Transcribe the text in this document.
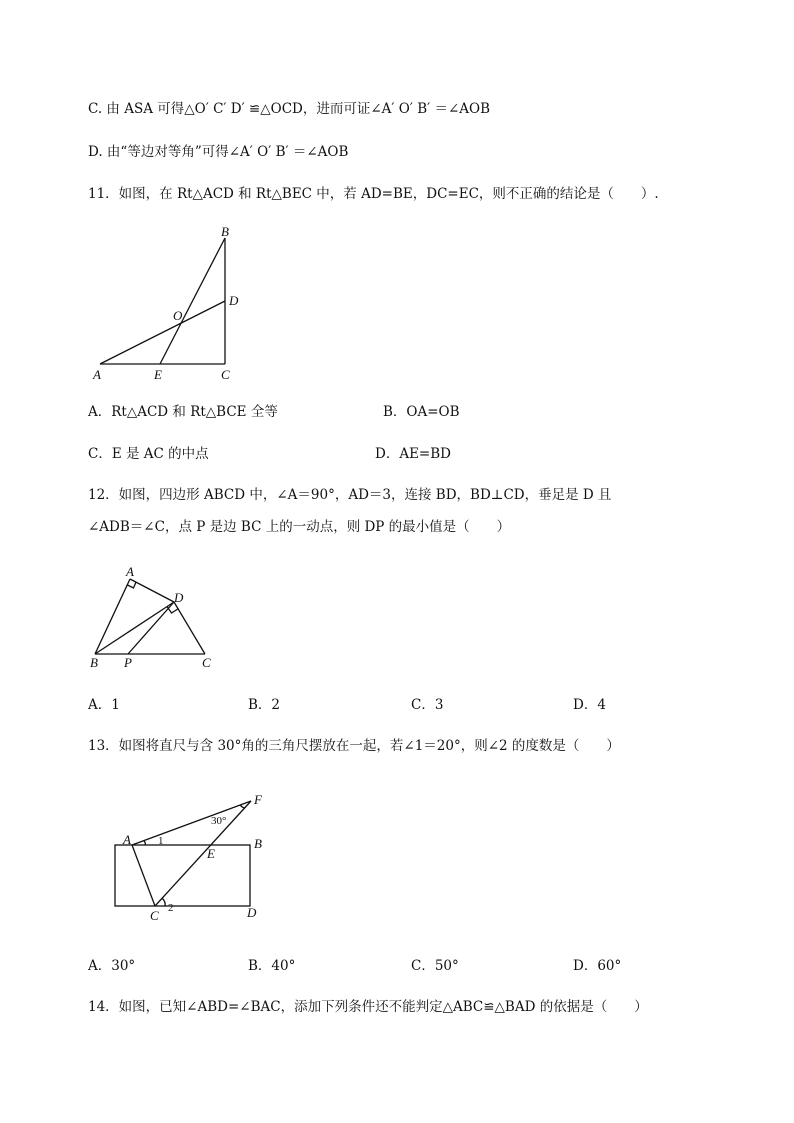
C. 由 ASA 可得△O′ C′ D′ ≌△OCD，进而可证∠A′ O′ B′ ＝∠AOB
D. 由“等边对等角”可得∠A′ O′ B′ ＝∠AOB
11．如图，在 Rt△ACD 和 Rt△BEC 中，若 AD=BE，DC=EC，则不正确的结论是（　　）.
B
D
O
A	E	C
A．Rt△ACD 和 Rt△BCE 全等	B．OA=OB
C．E 是 AC 的中点	D．AE=BD
12．如图，四边形 ABCD 中，∠A＝90°，AD＝3，连接 BD，BD⊥CD，垂足是 D 且
∠ADB＝∠C，点 P 是边 BC 上的一动点，则 DP 的最小值是（　　）
A
D
B P	C
A．1	B．2	C．3	D．4
13．如图将直尺与含 30°角的三角尺摆放在一起，若∠1＝20°，则∠2 的度数是（　　）
F
30°
A 1	B
E
2
C	D
A．30°	B．40°	C．50°	D．60°
14．如图，已知∠ABD=∠BAC，添加下列条件还不能判定△ABC≌△BAD 的依据是（　　）
